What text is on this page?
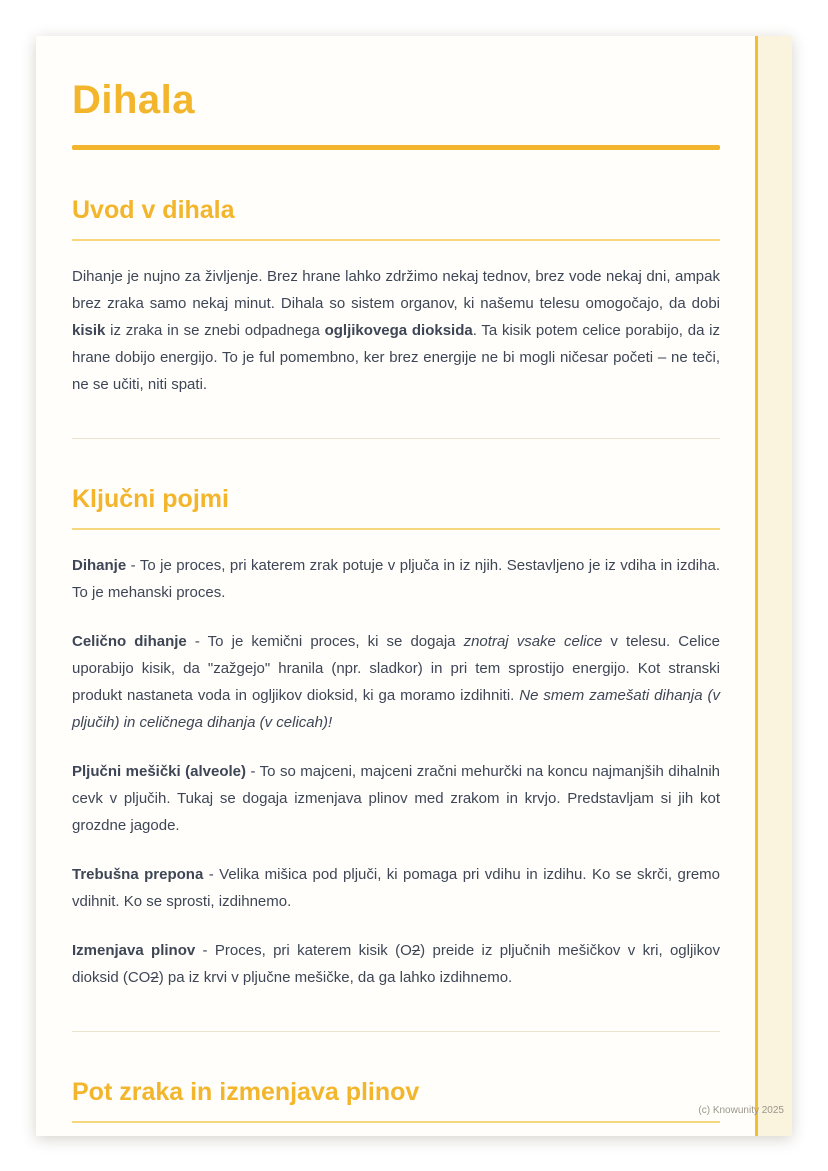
Dihala
Uvod v dihala
Dihanje je nujno za življenje. Brez hrane lahko zdržimo nekaj tednov, brez vode nekaj dni, ampak brez zraka samo nekaj minut. Dihala so sistem organov, ki našemu telesu omogočajo, da dobi kisik iz zraka in se znebi odpadnega ogljikovega dioksida. Ta kisik potem celice porabijo, da iz hrane dobijo energijo. To je ful pomembno, ker brez energije ne bi mogli ničesar početi – ne teči, ne se učiti, niti spati.
Ključni pojmi
Dihanje - To je proces, pri katerem zrak potuje v pljuča in iz njih. Sestavljeno je iz vdiha in izdiha. To je mehanski proces.
Celično dihanje - To je kemični proces, ki se dogaja znotraj vsake celice v telesu. Celice uporabijo kisik, da "zažgejo" hranila (npr. sladkor) in pri tem sprostijo energijo. Kot stranski produkt nastaneta voda in ogljikov dioksid, ki ga moramo izdihniti. Ne smem zamešati dihanja (v pljučih) in celičnega dihanja (v celicah)!
Pljučni mešički (alveole) - To so majceni, majceni zračni mehurčki na koncu najmanjših dihalnih cevk v pljučih. Tukaj se dogaja izmenjava plinov med zrakom in krvjo. Predstavljam si jih kot grozdne jagode.
Trebušna prepona - Velika mišica pod pljuči, ki pomaga pri vdihu in izdihu. Ko se skrči, gremo vdihnit. Ko se sprosti, izdihnemo.
Izmenjava plinov - Proces, pri katerem kisik (O2) preide iz pljučnih mešičkov v kri, ogljikov dioksid (CO2) pa iz krvi v pljučne mešičke, da ga lahko izdihnemo.
Pot zraka in izmenjava plinov
(c) Knowunity 2025
